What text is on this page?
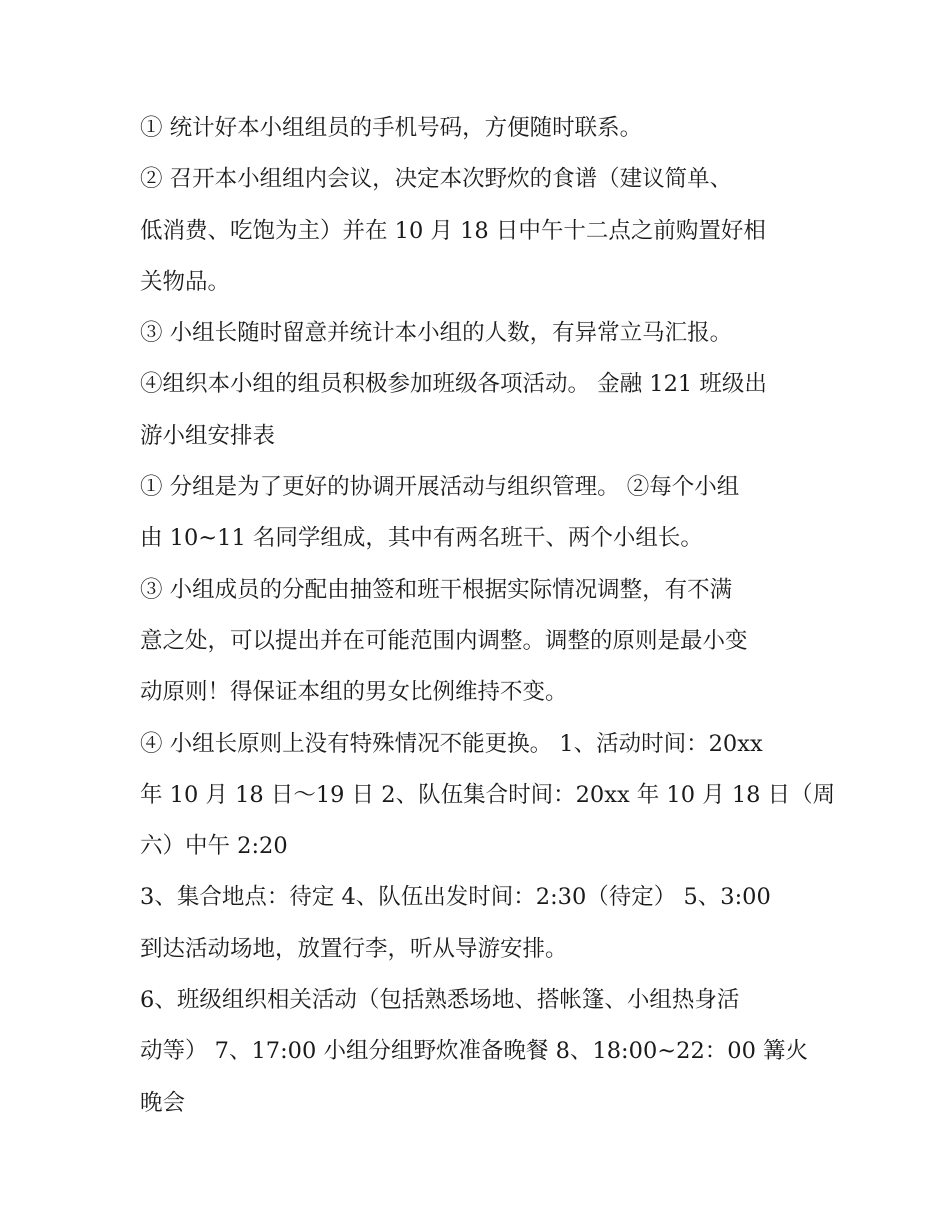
① 统计好本小组组员的手机号码，方便随时联系。
② 召开本小组组内会议，决定本次野炊的食谱（建议简单、
低消费、吃饱为主）并在 10 月 18 日中午十二点之前购置好相
关物品。
③ 小组长随时留意并统计本小组的人数，有异常立马汇报。
④组织本小组的组员积极参加班级各项活动。 金融 121 班级出
游小组安排表
① 分组是为了更好的协调开展活动与组织管理。 ②每个小组
由 10~11 名同学组成，其中有两名班干、两个小组长。
③ 小组成员的分配由抽签和班干根据实际情况调整，有不满
意之处，可以提出并在可能范围内调整。调整的原则是最小变
动原则！得保证本组的男女比例维持不变。
④ 小组长原则上没有特殊情况不能更换。 1、活动时间：20xx
年 10 月 18 日～19 日 2、队伍集合时间：20xx 年 10 月 18 日（周
六）中午 2:20
3、集合地点：待定 4、队伍出发时间：2:30（待定） 5、3:00
到达活动场地，放置行李，听从导游安排。
6、班级组织相关活动（包括熟悉场地、搭帐篷、小组热身活
动等） 7、17:00 小组分组野炊准备晚餐 8、18:00~22：00 篝火
晚会
